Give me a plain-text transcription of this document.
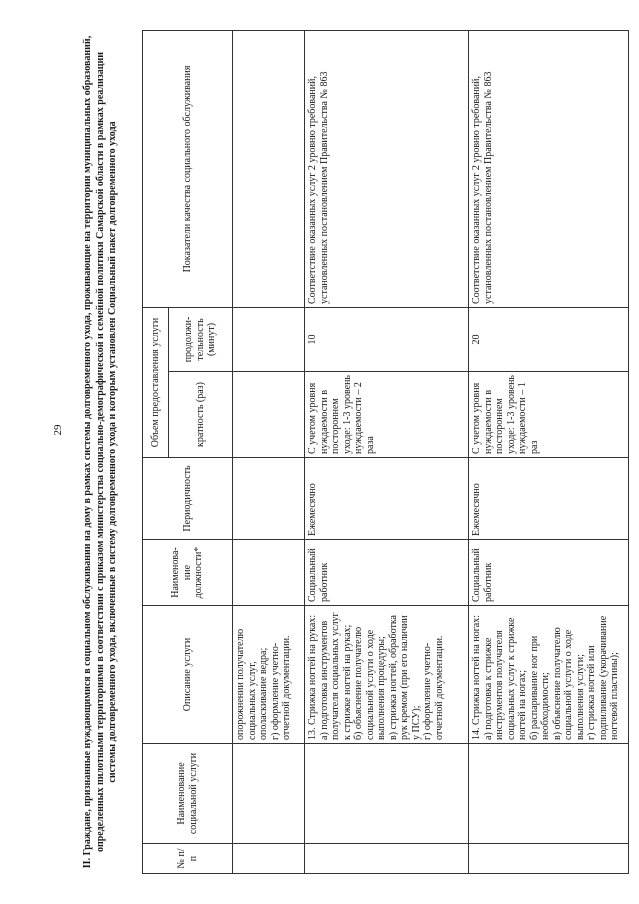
29 II. Граждане, признанные нуждающимися в социальном обслуживании на дому в рамках системы долговременного ухода, проживающие на территории муниципальных образований, определенных пилотными территориями в соответствии с приказом министерства социально-демографической и семейной политики Самарской области в рамках реализации системы долговременного ухода, включенные в систему долговременного ухода и которым установлен Социальный пакет долговременного ухода
№ п/п	Наименование социальной услуги	Описание услуги	Наименова-ние должности*	Периодичность	Объем предоставления услуги		Показатели качества социального обслуживания
					кратность (раз)	продолжи-тельность (минут)	

		опорожнении получателю социальных услуг, ополаскивание ведра; г) оформление учетно-отчетной документации.					

		13. Стрижка ногтей на руках: а) подготовка инструментов получателя социальных услуг к стрижке ногтей на руках; б) объяснение получателю социальной услуги о ходе выполнения процедуры; в) стрижка ногтей, обработка рук кремом (при его наличии у ПСУ); г) оформление учетно-отчетной документации.	Социальный работник	Ежемесячно	С учетом уровня нуждаемости в постороннем уходе: 1-3 уровень нуждаемости – 2 раза	10	Соответствие оказанных услуг 2 уровню требований, установленных постановлением Правительства № 863

		14. Стрижка ногтей на ногах: а) подготовка к стрижке инструментов получателя социальных услуг к стрижке ногтей на ногах; б) распаривание ног при необходимости; в) объяснение получателю социальной услуги о ходе выполнения услуги; г) стрижка ногтей или подпиливание (укорачивание ногтевой пластины);	Социальный работник	Ежемесячно	С учетом уровня нуждаемости в постороннем уходе: 1-3 уровень нуждаемости – 1 раз	20	Соответствие оказанных услуг 2 уровню требований, установленных постановлением Правительства № 863
